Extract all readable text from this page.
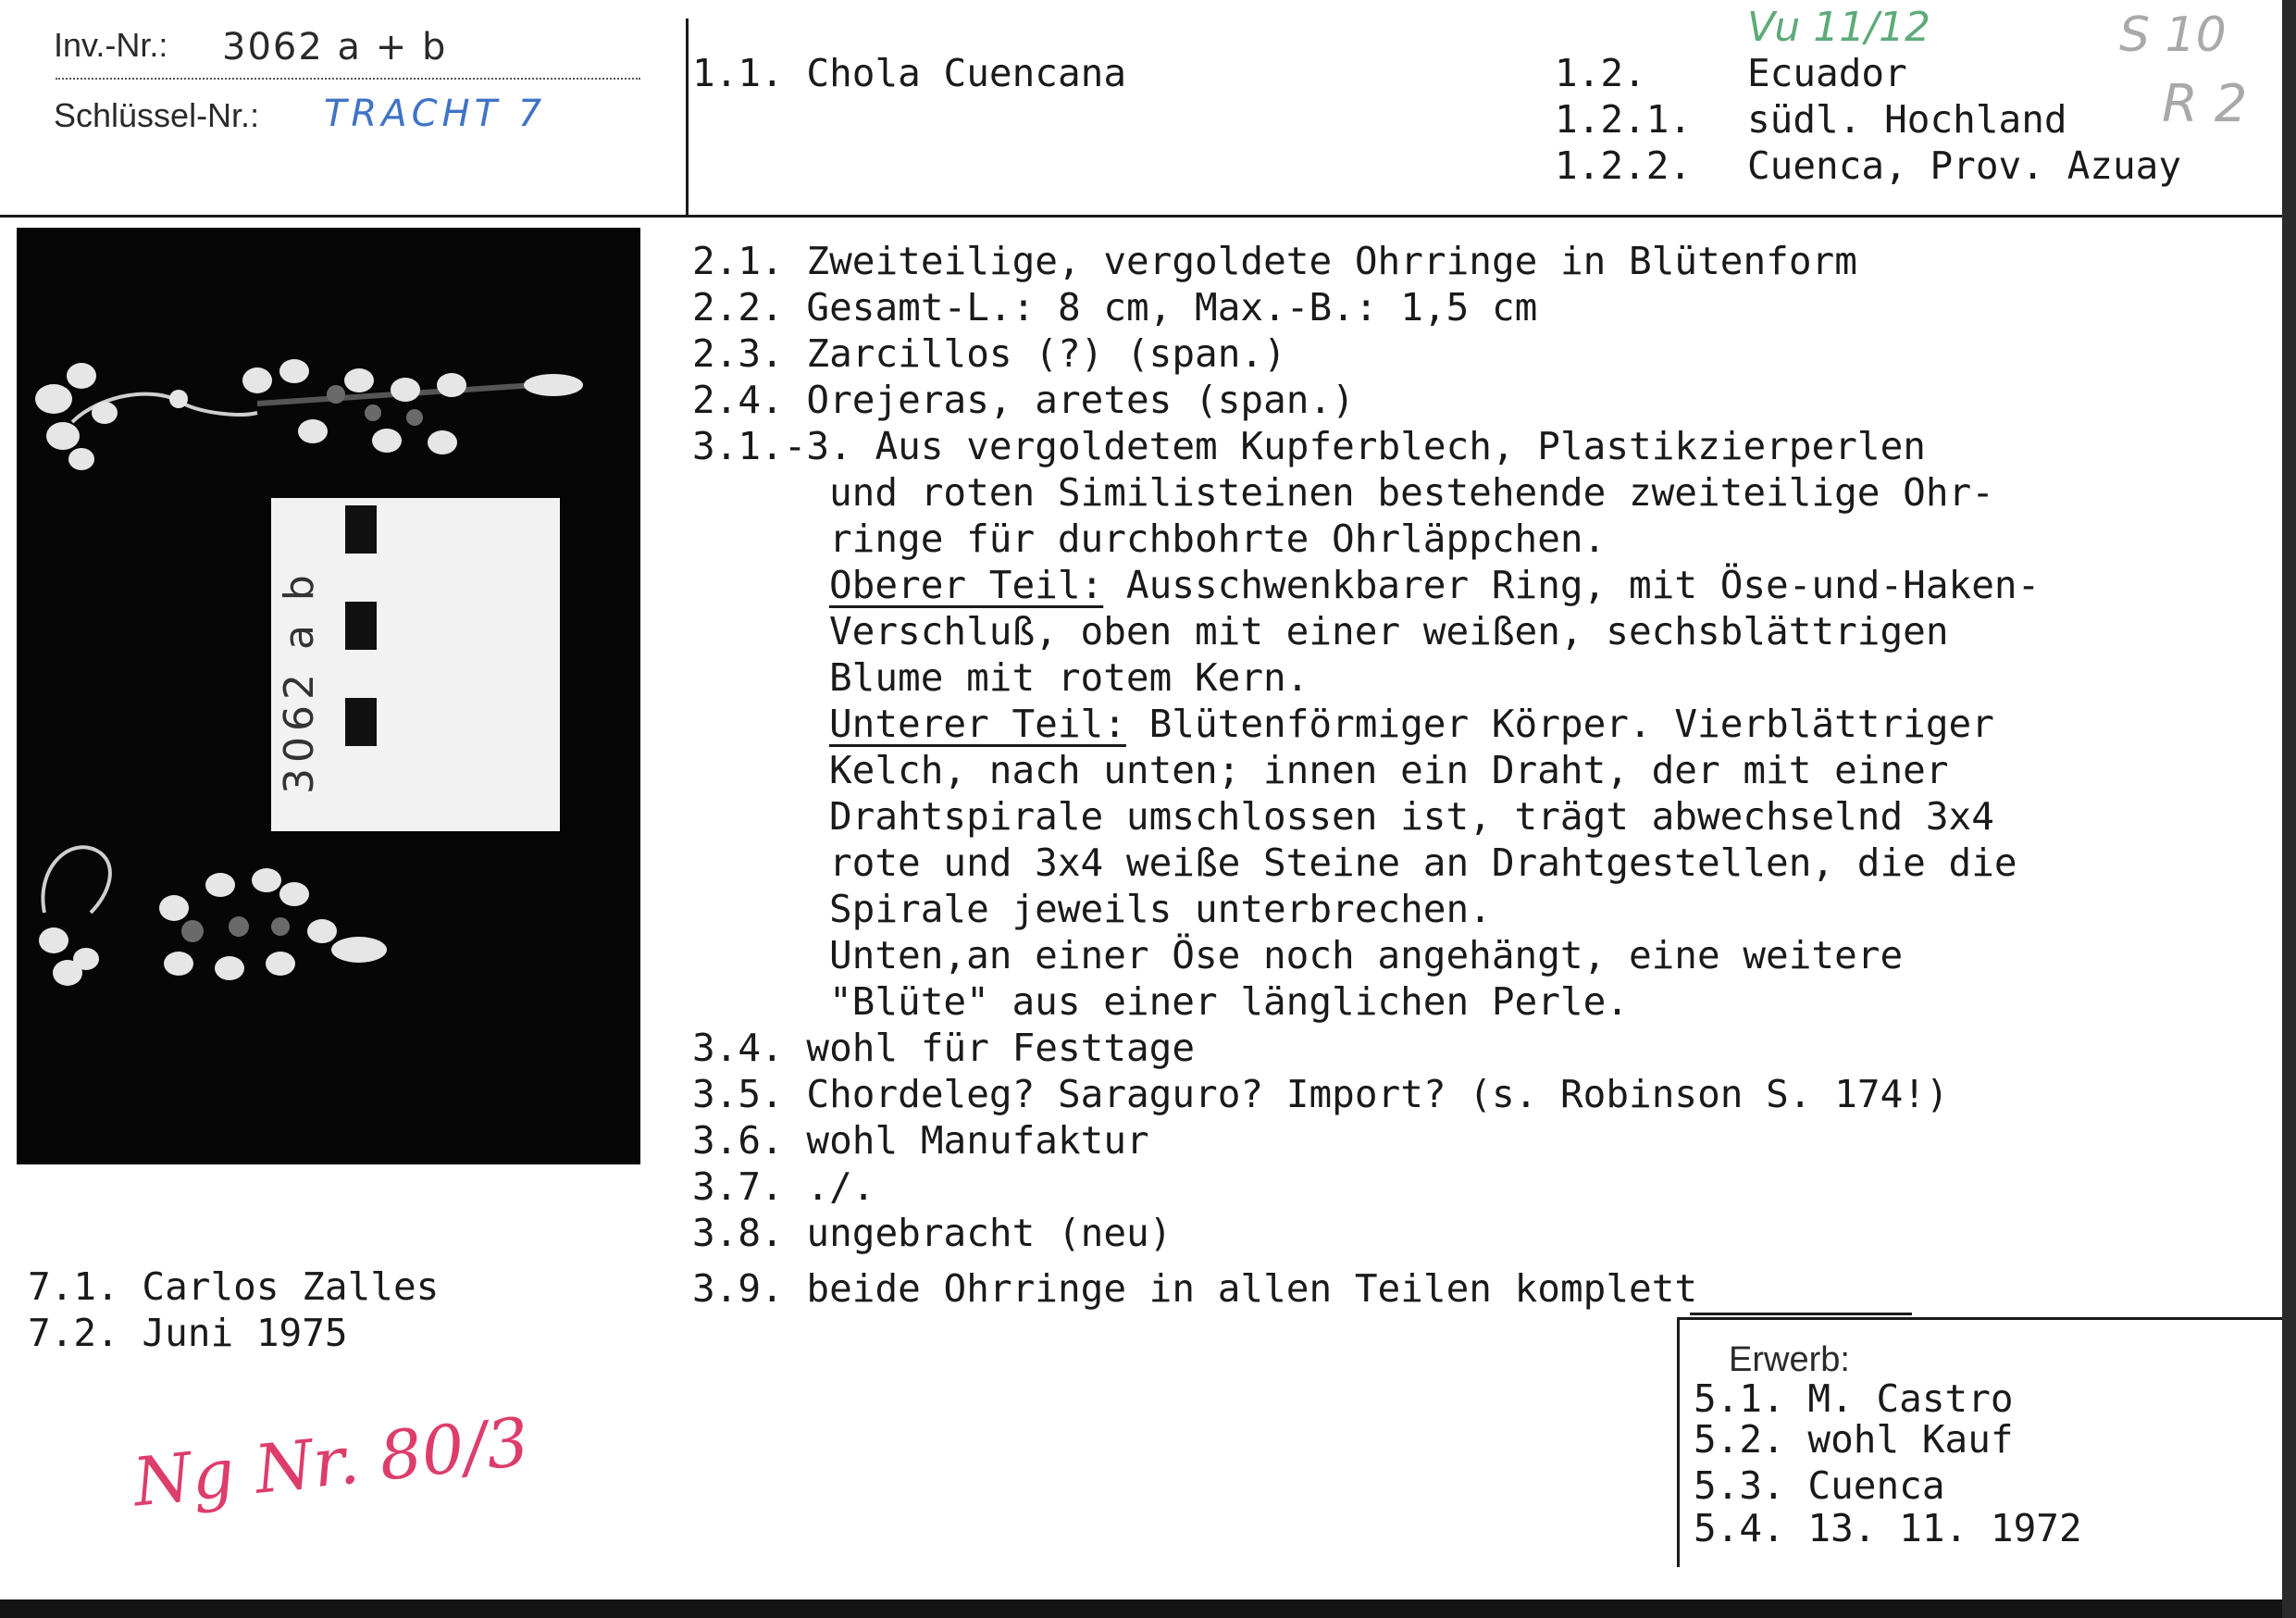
Inv.-Nr.: 3062 a + b
Schlüssel-Nr.: TRACHT 7
1.1. Chola Cuencana	1.2.	Ecuador
1.2.1. südl. Hochland
1.2.2. Cuenca, Prov. Azuay
Vu 11/12	S 10
R 2
3062 a b
2.1. Zweiteilige, vergoldete Ohrringe in Blütenform
2.2. Gesamt-L.: 8 cm, Max.-B.: 1,5 cm
2.3. Zarcillos (?) (span.)
2.4. Orejeras, aretes (span.)
3.1.-3. Aus vergoldetem Kupferblech, Plastikzierperlen
und roten Similisteinen bestehende zweiteilige Ohr-
ringe für durchbohrte Ohrläppchen.
Oberer Teil: Ausschwenkbarer Ring, mit Öse-und-Haken-
Verschluß, oben mit einer weißen, sechsblättrigen
Blume mit rotem Kern.
Unterer Teil: Blütenförmiger Körper. Vierblättriger
Kelch, nach unten; innen ein Draht, der mit einer
Drahtspirale umschlossen ist, trägt abwechselnd 3x4
rote und 3x4 weiße Steine an Drahtgestellen, die die
Spirale jeweils unterbrechen.
Unten,an einer Öse noch angehängt, eine weitere
"Blüte" aus einer länglichen Perle.
3.4. wohl für Festtage
3.5. Chordeleg? Saraguro? Import? (s. Robinson S. 174!)
3.6. wohl Manufaktur
3.7. ./.
3.8. ungebracht (neu)
3.9. beide Ohrringe in allen Teilen komplett
7.1. Carlos Zalles
7.2. Juni 1975
Ng Nr. 80/3
Erwerb:
5.1. M. Castro
5.2. wohl Kauf
5.3. Cuenca
5.4. 13. 11. 1972
